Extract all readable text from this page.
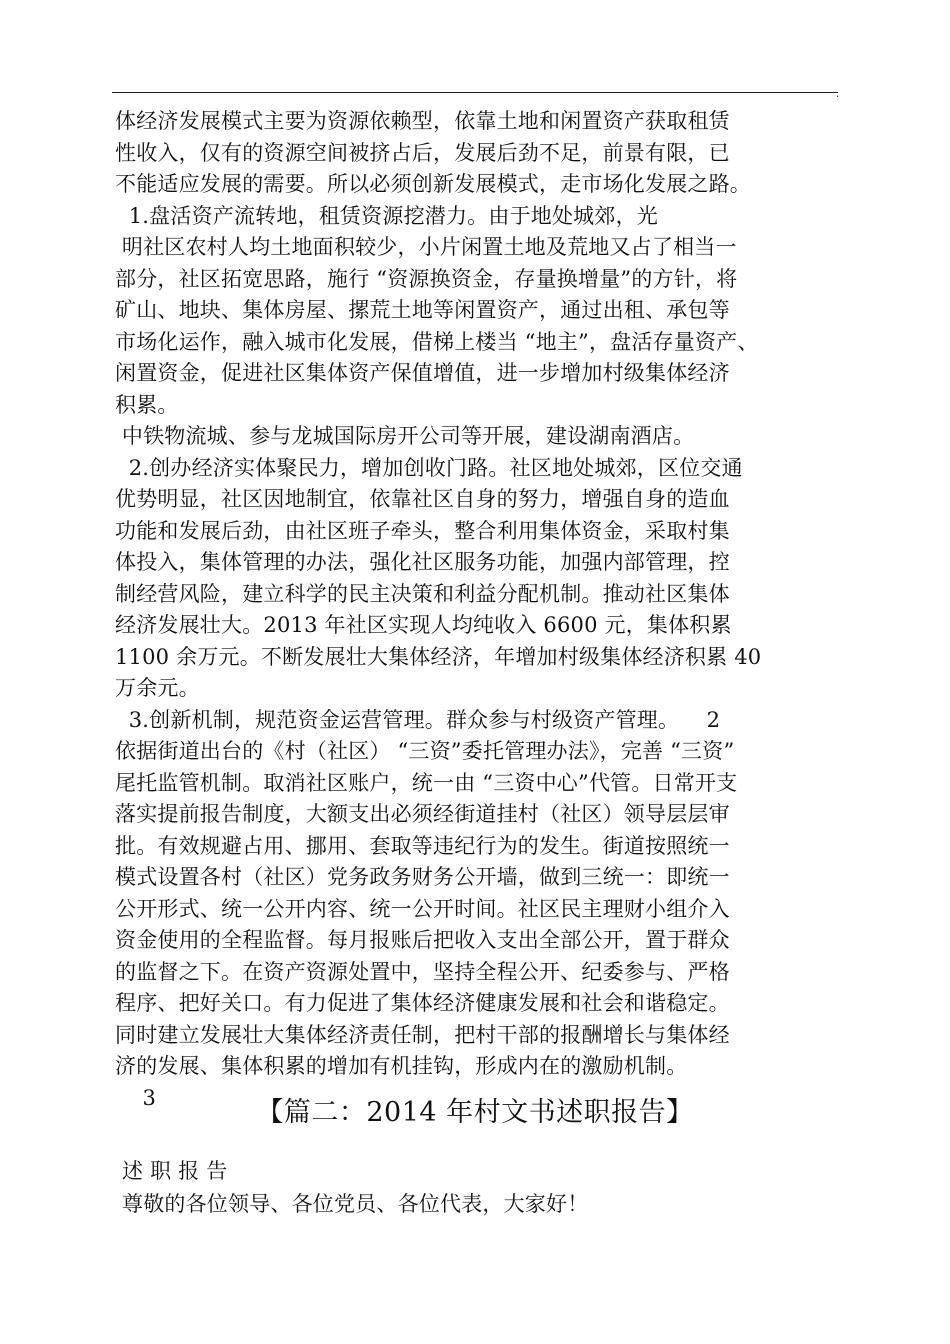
.
体经济发展模式主要为资源依赖型，依靠土地和闲置资产获取租赁
性收入，仅有的资源空间被挤占后，发展后劲不足，前景有限，已
不能适应发展的需要。所以必须创新发展模式，走市场化发展之路。
1.盘活资产流转地，租赁资源挖潜力。由于地处城郊，光
明社区农村人均土地面积较少，小片闲置土地及荒地又占了相当一
部分，社区拓宽思路，施行 “资源换资金，存量换增量”的方针，将
矿山、地块、集体房屋、摞荒土地等闲置资产，通过出租、承包等
市场化运作，融入城市化发展，借梯上楼当 “地主”，盘活存量资产、
闲置资金，促进社区集体资产保值增值，进一步增加村级集体经济
积累。
中铁物流城、参与龙城国际房开公司等开展，建设湖南酒店。
2.创办经济实体聚民力，增加创收门路。社区地处城郊，区位交通
优势明显，社区因地制宜，依靠社区自身的努力，增强自身的造血
功能和发展后劲，由社区班子牵头，整合利用集体资金，采取村集
体投入，集体管理的办法，强化社区服务功能，加强内部管理，控
制经营风险，建立科学的民主决策和利益分配机制。推动社区集体
经济发展壮大。2013 年社区实现人均纯收入 6600 元，集体积累
1100 余万元。不断发展壮大集体经济，年增加村级集体经济积累 40
万余元。
3.创新机制，规范资金运营管理。群众参与村级资产管理。    2
依据街道出台的《村（社区） “三资”委托管理办法》，完善 “三资”
尾托监管机制。取消社区账户，统一由 “三资中心”代管。日常开支
落实提前报告制度，大额支出必须经街道挂村（社区）领导层层审
批。有效规避占用、挪用、套取等违纪行为的发生。街道按照统一
模式设置各村（社区）党务政务财务公开墙，做到三统一：即统一
公开形式、统一公开内容、统一公开时间。社区民主理财小组介入
资金使用的全程监督。每月报账后把收入支出全部公开，置于群众
的监督之下。在资产资源处置中，坚持全程公开、纪委参与、严格
程序、把好关口。有力促进了集体经济健康发展和社会和谐稳定。
同时建立发展壮大集体经济责任制，把村干部的报酬增长与集体经
济的发展、集体积累的增加有机挂钩，形成内在的激励机制。
3	【篇二：2014 年村文书述职报告】
述 职 报 告
尊敬的各位领导、各位党员、各位代表，大家好！
